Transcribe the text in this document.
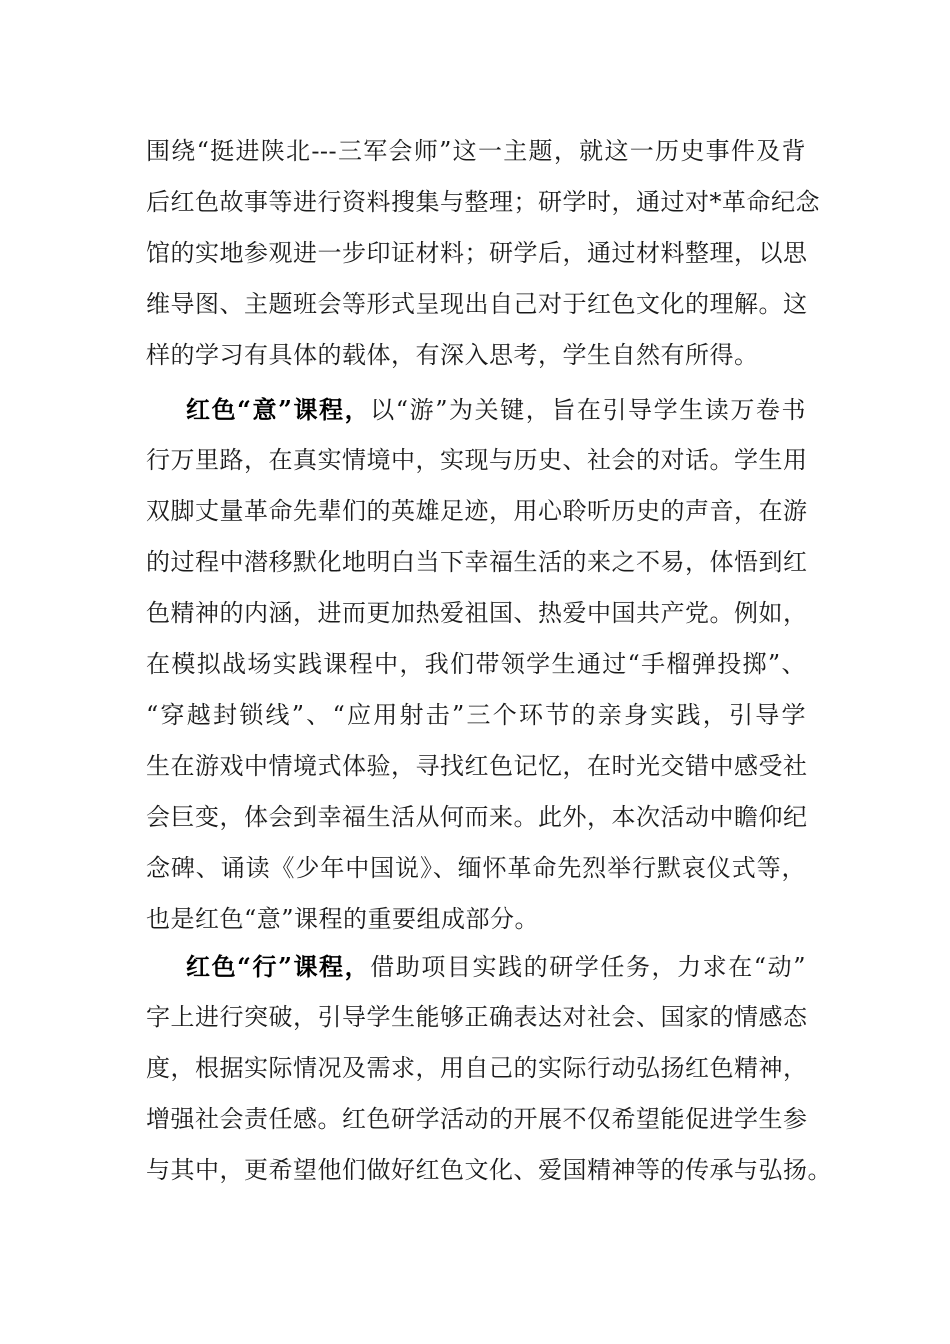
围绕“挺进陕北---三军会师”这一主题，就这一历史事件及背
后红色故事等进行资料搜集与整理；研学时，通过对*革命纪念
馆的实地参观进一步印证材料；研学后，通过材料整理，以思
维导图、主题班会等形式呈现出自己对于红色文化的理解。这
样的学习有具体的载体，有深入思考，学生自然有所得。
红色“意”课程，以“游”为关键，旨在引导学生读万卷书
行万里路，在真实情境中，实现与历史、社会的对话。学生用
双脚丈量革命先辈们的英雄足迹，用心聆听历史的声音，在游
的过程中潜移默化地明白当下幸福生活的来之不易，体悟到红
色精神的内涵，进而更加热爱祖国、热爱中国共产党。例如，
在模拟战场实践课程中，我们带领学生通过“手榴弹投掷”、
“穿越封锁线”、“应用射击”三个环节的亲身实践，引导学
生在游戏中情境式体验，寻找红色记忆，在时光交错中感受社
会巨变，体会到幸福生活从何而来。此外，本次活动中瞻仰纪
念碑、诵读《少年中国说》、缅怀革命先烈举行默哀仪式等，
也是红色“意”课程的重要组成部分。
红色“行”课程，借助项目实践的研学任务，力求在“动”
字上进行突破，引导学生能够正确表达对社会、国家的情感态
度，根据实际情况及需求，用自己的实际行动弘扬红色精神，
增强社会责任感。红色研学活动的开展不仅希望能促进学生参
与其中，更希望他们做好红色文化、爱国精神等的传承与弘扬。
